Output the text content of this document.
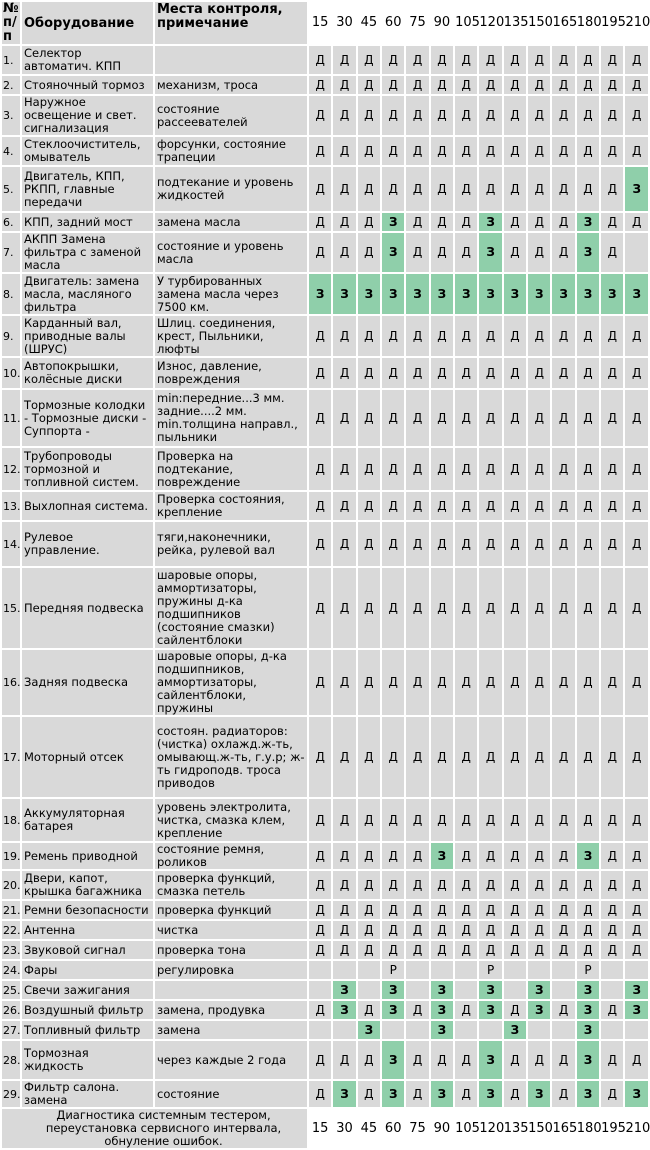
№ п/п	Оборудование	Места контроля, примечание	15	30	45	60	75	90	105	120	135	150	165	180	195	210
1.	Селектор автоматич. КПП		Д	Д	Д	Д	Д	Д	Д	Д	Д	Д	Д	Д	Д	Д
2.	Стояночный тормоз	механизм, троса	Д	Д	Д	Д	Д	Д	Д	Д	Д	Д	Д	Д	Д	Д
3.	Наружное освещение и свет. сигнализация	состояние рассеевателей	Д	Д	Д	Д	Д	Д	Д	Д	Д	Д	Д	Д	Д	Д
4.	Стеклоочиститель, омыватель	форсунки, состояние трапеции	Д	Д	Д	Д	Д	Д	Д	Д	Д	Д	Д	Д	Д	Д
5.	Двигатель, КПП, РКПП, главные передачи	подтекание и уровень жидкостей	Д	Д	Д	Д	Д	Д	Д	Д	Д	Д	Д	Д	Д	З
6.	КПП, задний мост	замена масла	Д	Д	Д	З	Д	Д	Д	З	Д	Д	Д	З	Д	Д
7.	АКПП Замена фильтра с заменой масла	состояние и уровень масла	Д	Д	Д	З	Д	Д	Д	З	Д	Д	Д	З	Д	
8.	Двигатель: замена масла, масляного фильтра	У турбированных замена масла через 7500 км.	З	З	З	З	З	З	З	З	З	З	З	З	З	З
9.	Карданный вал, приводные валы (ШРУС)	Шлиц. соединения, крест, Пыльники, люфты	Д	Д	Д	Д	Д	Д	Д	Д	Д	Д	Д	Д	Д	Д
10.	Автопокрышки, колёсные диски	Износ, давление, повреждения	Д	Д	Д	Д	Д	Д	Д	Д	Д	Д	Д	Д	Д	Д
11.	Тормозные колодки - Тормозные диски - Суппорта -	min:передние...3 мм. задние....2 мм. min.толщина направл., пыльники	Д	Д	Д	Д	Д	Д	Д	Д	Д	Д	Д	Д	Д	Д
12.	Трубопроводы тормозной и топливной систем.	Проверка на подтекание, повреждение	Д	Д	Д	Д	Д	Д	Д	Д	Д	Д	Д	Д	Д	Д
13.	Выхлопная система.	Проверка состояния, крепление	Д	Д	Д	Д	Д	Д	Д	Д	Д	Д	Д	Д	Д	Д
14.	Рулевое управление.	тяги,наконечники, рейка, рулевой вал	Д	Д	Д	Д	Д	Д	Д	Д	Д	Д	Д	Д	Д	Д
15.	Передняя подвеска	шаровые опоры, аммортизаторы, пружины д-ка подшипников (состояние смазки) сайлентблоки	Д	Д	Д	Д	Д	Д	Д	Д	Д	Д	Д	Д	Д	Д
16.	Задняя подвеска	шаровые опоры, д-ка подшипников, аммортизаторы, сайлентблоки, пружины	Д	Д	Д	Д	Д	Д	Д	Д	Д	Д	Д	Д	Д	Д
17.	Моторный отсек	состоян. радиаторов: (чистка) охлажд.ж-ть, омывающ.ж-ть, г.у.р; ж-ть гидроподв. троса приводов	Д	Д	Д	Д	Д	Д	Д	Д	Д	Д	Д	Д	Д	Д
18.	Аккумуляторная батарея	уровень электролита, чистка, смазка клем, крепление	Д	Д	Д	Д	Д	Д	Д	Д	Д	Д	Д	Д	Д	Д
19.	Ремень приводной	состояние ремня, роликов	Д	Д	Д	Д	Д	З	Д	Д	Д	Д	Д	З	Д	Д
20.	Двери, капот, крышка багажника	проверка функций, смазка петель	Д	Д	Д	Д	Д	Д	Д	Д	Д	Д	Д	Д	Д	Д
21.	Ремни безопасности	проверка функций	Д	Д	Д	Д	Д	Д	Д	Д	Д	Д	Д	Д	Д	Д
22.	Антенна	чистка	Д	Д	Д	Д	Д	Д	Д	Д	Д	Д	Д	Д	Д	Д
23.	Звуковой сигнал	проверка тона	Д	Д	Д	Д	Д	Д	Д	Д	Д	Д	Д	Д	Д	Д
24.	Фары	регулировка				Р				Р				Р		
25.	Свечи зажигания			З		З		З		З		З		З		З
26.	Воздушный фильтр	замена, продувка	Д	З	Д	З	Д	З	Д	З	Д	З	Д	З	Д	З
27.	Топливный фильтр	замена			З			З			З			З		
28.	Тормозная жидкость	через каждые 2 года	Д	Д	Д	З	Д	Д	Д	З	Д	Д	Д	З	Д	Д
29.	Фильтр салона. замена	состояние	Д	З	Д	З	Д	З	Д	З	Д	З	Д	З	Д	З
Диагностика системным тестером, переустановка сервисного интервала, обнуление ошибок.			15	30	45	60	75	90	105	120	135	150	165	180	195	210
